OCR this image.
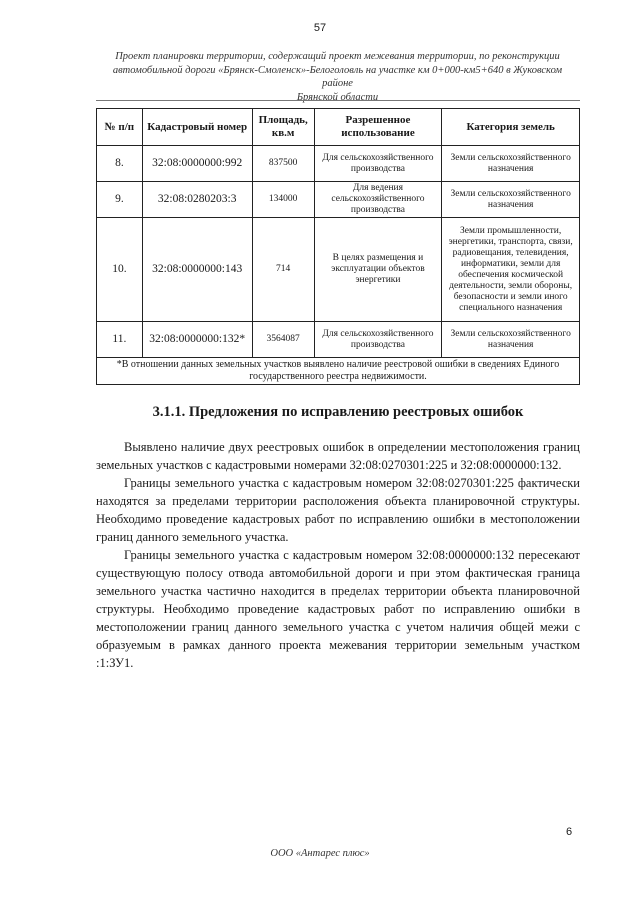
57
Проект планировки территории, содержащий проект межевания территории, по реконструкции
автомобильной дороги «Брянск-Смоленск»-Белоголовль на участке км 0+000-км5+640 в Жуковском районе
Брянской области
№ п/п	Кадастровый номер	Площадь, кв.м	Разрешенное использование	Категория земель
8.	32:08:0000000:992	837500	Для сельскохозяйственного производства	Земли сельскохозяйственного назначения
9.	32:08:0280203:3	134000	Для ведения сельскохозяйственного производства	Земли сельскохозяйственного назначения
10.	32:08:0000000:143	714	В целях размещения и эксплуатации объектов энергетики	Земли промышленности, энергетики, транспорта, связи, радиовещания, телевидения, информатики, земли для обеспечения космической деятельности, земли обороны, безопасности и земли иного специального назначения
11.	32:08:0000000:132*	3564087	Для сельскохозяйственного производства	Земли сельскохозяйственного назначения
*В отношении данных земельных участков выявлено наличие реестровой ошибки в сведениях Единого государственного реестра недвижимости.				
3.1.1. Предложения по исправлению реестровых ошибок

Выявлено наличие двух реестровых ошибок в определении местоположения границ земельных участков с кадастровыми номерами 32:08:0270301:225 и 32:08:0000000:132.

Границы земельного участка с кадастровым номером 32:08:0270301:225 фактически находятся за пределами территории расположения объекта планировочной структуры. Необходимо проведение кадастровых работ по исправлению ошибки в местоположении границ данного земельного участка.

Границы земельного участка с кадастровым номером 32:08:0000000:132 пересекают существующую полосу отвода автомобильной дороги и при этом фактическая граница земельного участка частично находится в пределах территории объекта планировочной структуры. Необходимо проведение кадастровых работ по исправлению ошибки в местоположении границ данного земельного участка с учетом наличия общей межи с образуемым в рамках данного проекта межевания территории земельным участком :1:ЗУ1.

6
ООО «Антарес плюс»
